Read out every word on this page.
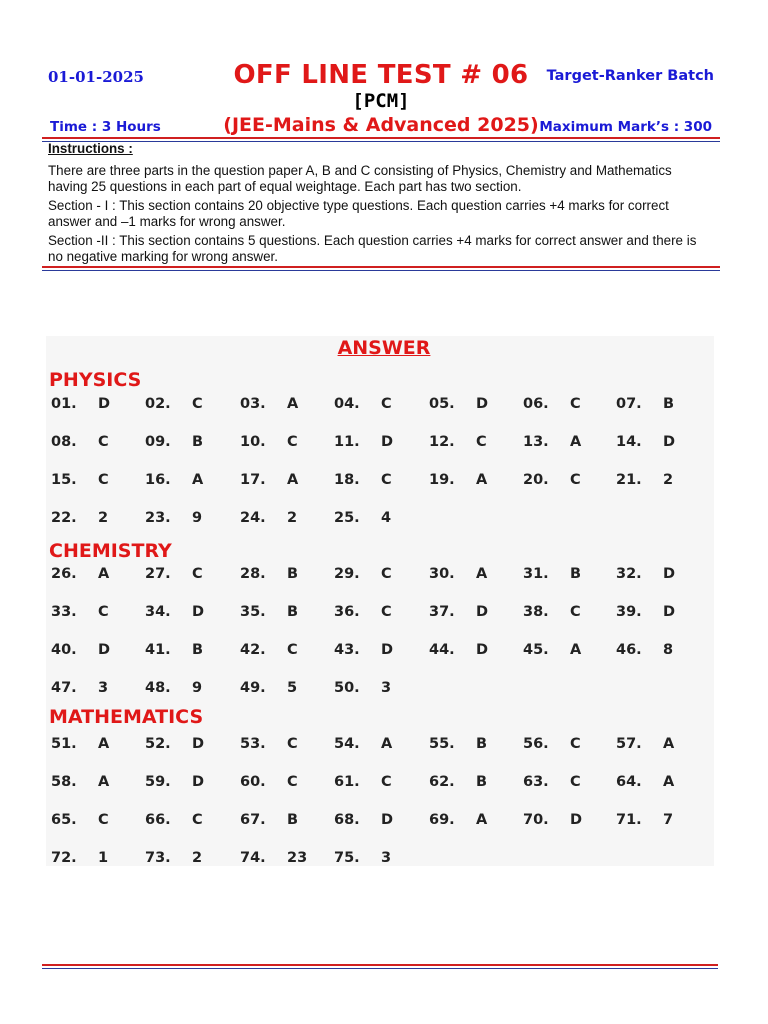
01-01-2025	OFF LINE TEST # 06	Target-Ranker Batch
[PCM]
Time : 3 Hours	(JEE-Mains & Advanced 2025) Maximum Mark’s : 300
Instructions :

There are three parts in the question paper A, B and C consisting of Physics, Chemistry and Mathematics having 25 questions in each part of equal weightage. Each part has two section.

Section - I : This section contains 20 objective type questions. Each question carries +4 marks for correct answer and –1 marks for wrong answer.

Section -II : This section contains 5 questions. Each question carries +4 marks for correct answer and there is no negative marking for wrong answer.

ANSWER
PHYSICS
01. D 02. C	03. A 04. C	05. D 06. C 07. B
08. C	09. B	10. C	11. D 12. C	13. A 14. D
15. C	16. A	17. A 18. C	19. A 20. C 21. 2
22. 2	23. 9	24. 2	25. 4
CHEMISTRY
26. A 27. C	28. B 29. C	30. A 31. B 32. D
33. C	34. D 35. B 36. C	37. D 38. C 39. D
40. D 41. B	42. C	43. D 44. D 45. A 46. 8
47. 3	48. 9	49. 5	50. 3
MATHEMATICS
51. A 52. D 53. C	54. A	55. B 56. C 57. A
58. A 59. D 60. C	61. C	62. B 63. C 64. A
65. C	66. C	67. B 68. D 69. A 70. D 71. 7
72. 1	73. 2	74. 23 75. 3
